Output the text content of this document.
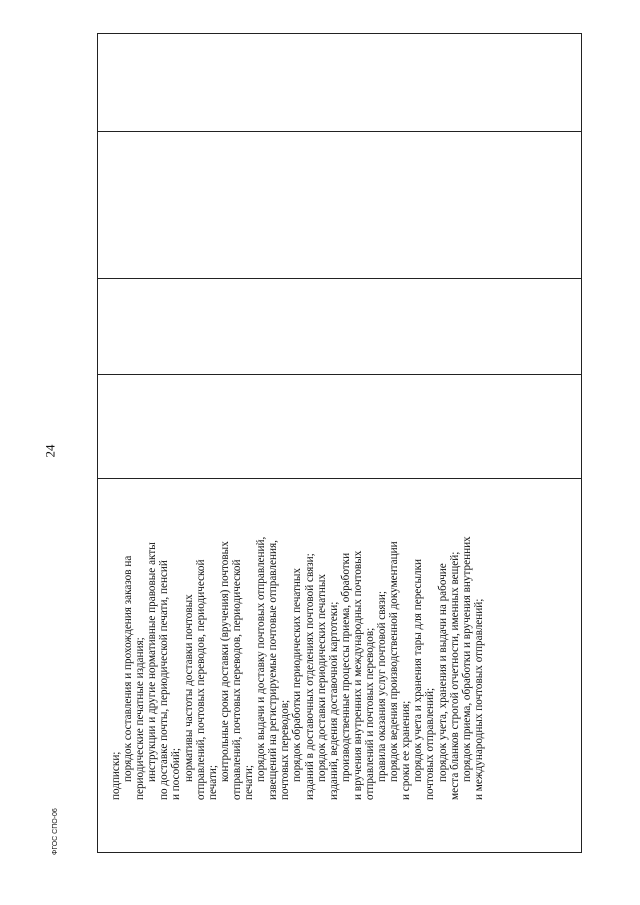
24
подписки; порядок составления и прохождения заказов на периодические печатные издания; инструкции и другие нормативные правовые акты по доставке почты, периодической печати, пенсий и пособий; нормативы частоты доставки почтовых отправлений, почтовых переводов, периодической печати;
контрольные сроки доставки (вручения) почтовых отправлений, почтовых переводов, периодической печати;
порядок выдачи и доставку почтовых отправлений, извещений на регистрируемые почтовые отправления, почтовых переводов; порядок обработки периодических печатных изданий в доставочных отделениях почтовой связи; порядок доставки периодических печатных изданий, ведения доставочной картотеки; производственные процессы приема, обработки и вручения внутренних и международных почтовых отправлений и почтовых переводов; правила оказания услуг почтовой связи; порядок ведения производственной документации и сроки ее хранения; порядок учета и хранения тары для пересылки почтовых отправлений; порядок учета, хранения и выдачи на рабочие места бланков строгой отчетности, именных вещей; порядок приема, обработки и вручения внутренних и международных почтовых отправлений;
ФГОС СПО-06
